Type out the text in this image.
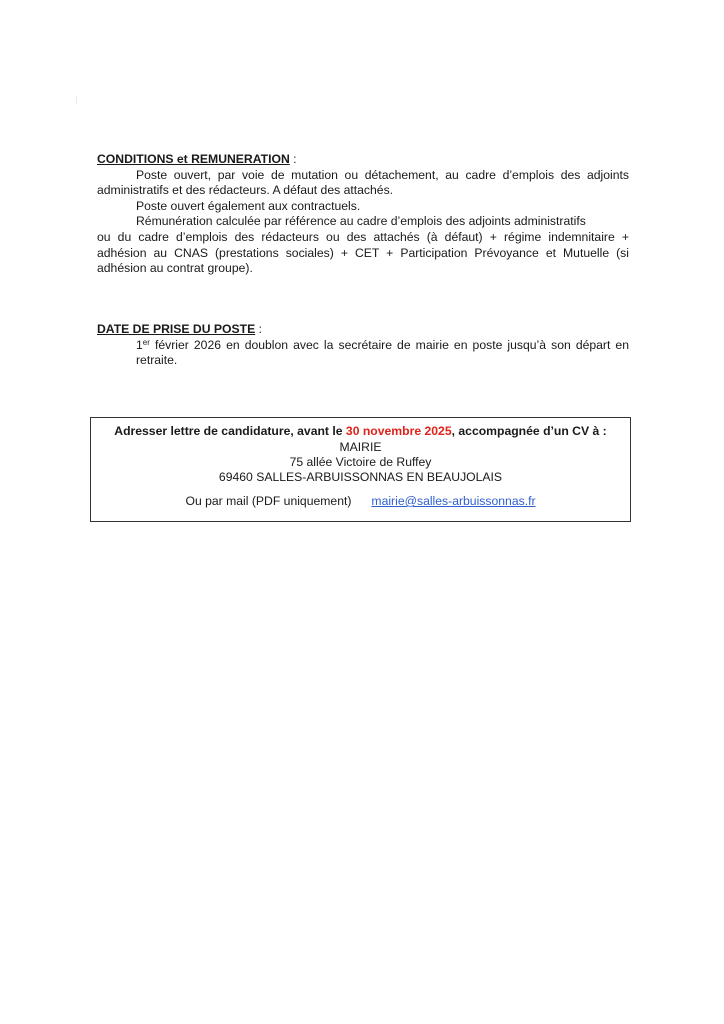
CONDITIONS et REMUNERATION :
Poste ouvert, par voie de mutation ou détachement, au cadre d’emplois des adjoints administratifs et des rédacteurs. A défaut des attachés.
Poste ouvert également aux contractuels.
Rémunération calculée par référence au cadre d’emplois des adjoints administratifs
ou du cadre d’emplois des rédacteurs ou des attachés (à défaut) + régime indemnitaire + adhésion au CNAS (prestations sociales) + CET + Participation Prévoyance et Mutuelle (si adhésion au contrat groupe).
DATE DE PRISE DU POSTE :
1er février 2026 en doublon avec la secrétaire de mairie en poste jusqu’à son départ en retraite.
Adresser lettre de candidature, avant le 30 novembre 2025, accompagnée d’un CV à :
MAIRIE
75 allée Victoire de Ruffey
69460 SALLES-ARBUISSONNAS EN BEAUJOLAIS
Ou par mail (PDF uniquement) mairie@salles-arbuissonnas.fr
